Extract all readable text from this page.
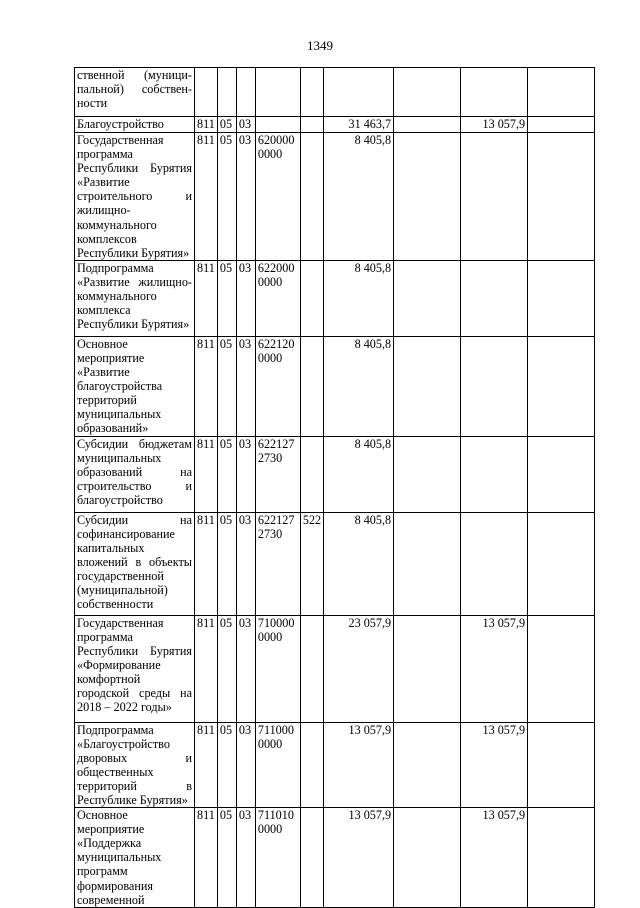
1349
ственной (муници-пальной) собствен-ности									
Благоустройство	811	05	03			31 463,7		13 057,9	
Государственная программа Республики Бурятия «Развитие строительного и жилищно-коммунального комплексов Республики Бурятия»	811	05	03	620000 0000		8 405,8			
Подпрограмма «Развитие жилищно-коммунального комплекса Республики Бурятия»	811	05	03	622000 0000		8 405,8			
Основное мероприятие «Развитие благоустройства территорий муниципальных образований»	811	05	03	622120 0000		8 405,8			
Субсидии бюджетам муниципальных образований на строительство и благоустройство	811	05	03	622127 2730		8 405,8			
Субсидии на софинансирование капитальных вложений в объекты государственной (муниципальной) собственности	811	05	03	622127 2730	522	8 405,8			
Государственная программа Республики Бурятия «Формирование комфортной городской среды на 2018 – 2022 годы»	811	05	03	710000 0000		23 057,9		13 057,9	
Подпрограмма «Благоустройство дворовых и общественных территорий в Республике Бурятия»	811	05	03	711000 0000		13 057,9		13 057,9	
Основное мероприятие «Поддержка муниципальных программ формирования современной	811	05	03	711010 0000		13 057,9		13 057,9	
